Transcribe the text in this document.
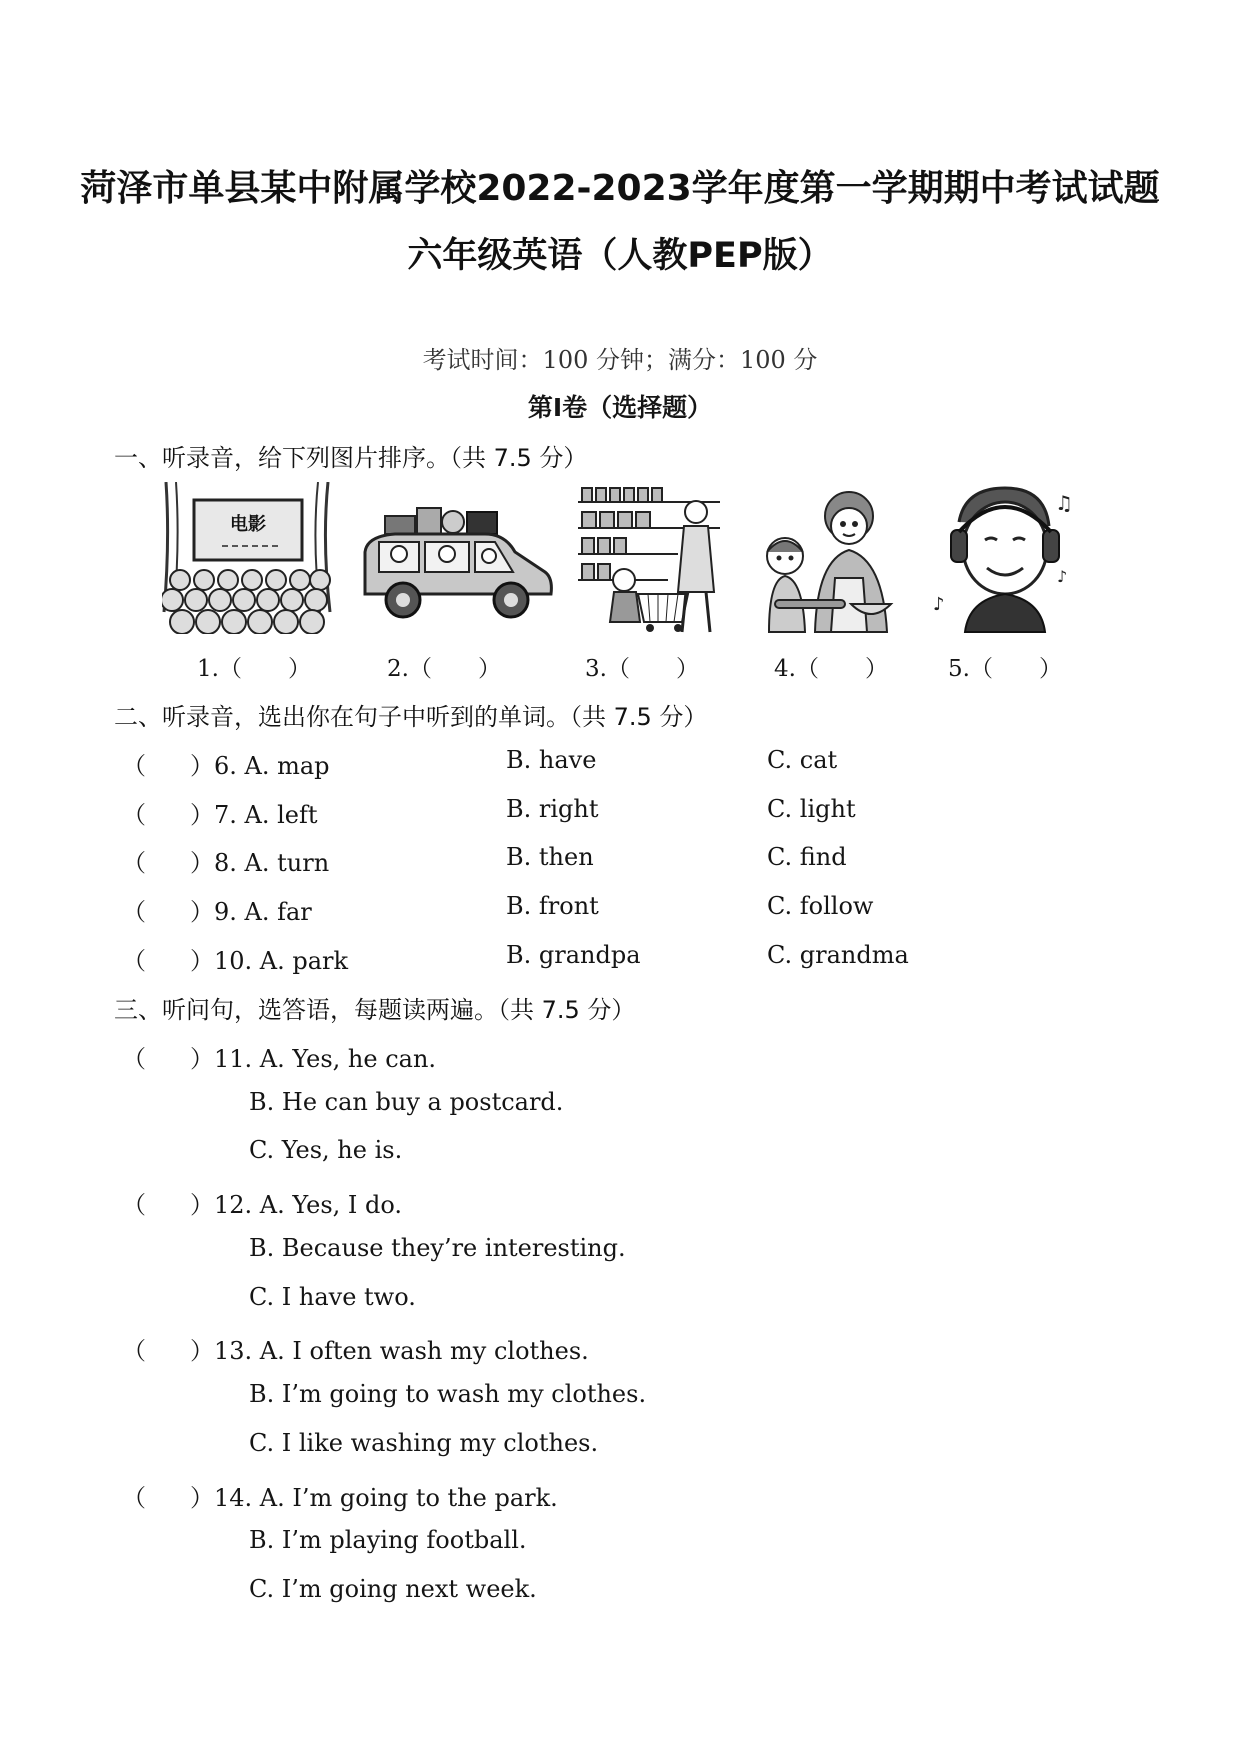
菏泽市单县某中附属学校2022-2023学年度第一学期期中考试试题
六年级英语（人教PEP版）
考试时间：100 分钟；满分：100 分
第Ⅰ卷（选择题）
一、听录音，给下列图片排序。（共 7.5 分）
电影
♫
♪
♪
1.（　　）	2.（　　）	3.（　　）	4.（　　）	5.（　　）
二、听录音，选出你在句子中听到的单词。（共 7.5 分）
（ ）6. A. map	B. have	C. cat
（ ）7. A. left	B. right	C. light
（ ）8. A. turn	B. then	C. find
（ ）9. A. far	B. front	C. follow
（ ）10. A. park	B. grandpa	C. grandma
三、听问句，选答语，每题读两遍。（共 7.5 分）
（ ）11. A. Yes, he can.
B. He can buy a postcard.
C. Yes, he is.
（ ）12. A. Yes, I do.
B. Because they’re interesting.
C. I have two.
（ ）13. A. I often wash my clothes.
B. I’m going to wash my clothes.
C. I like washing my clothes.
（ ）14. A. I’m going to the park.
B. I’m playing football.
C. I’m going next week.
